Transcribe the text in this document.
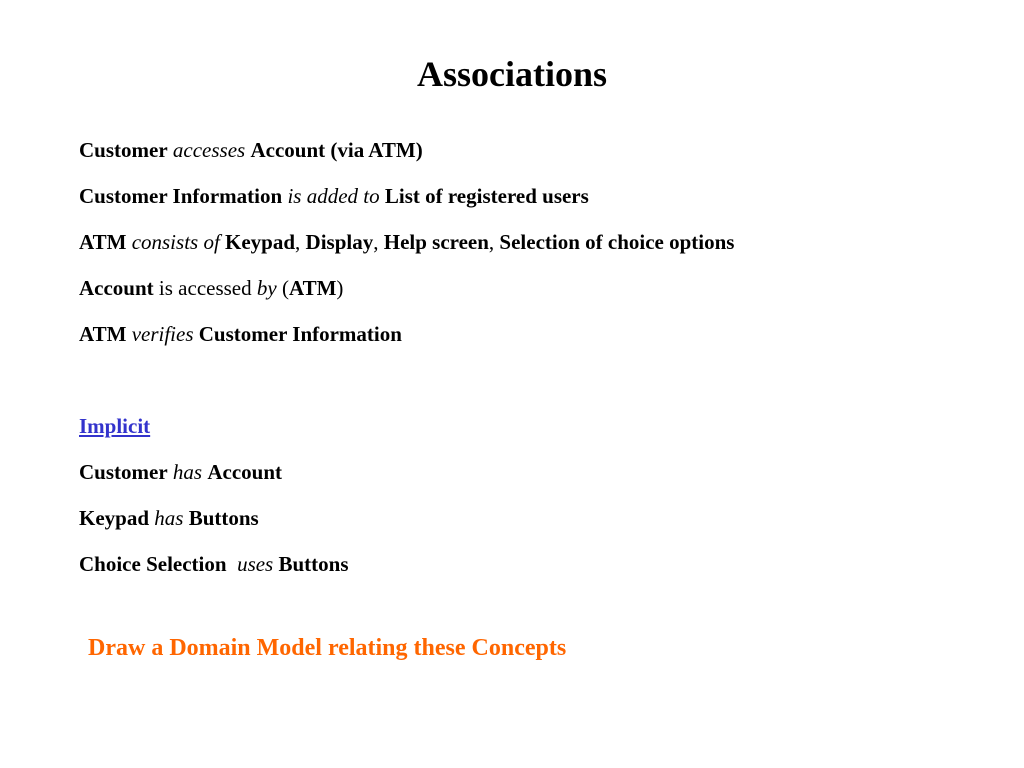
Associations
Customer accesses Account (via ATM)
Customer Information is added to List of registered users
ATM consists of Keypad, Display, Help screen, Selection of choice options
Account is accessed by (ATM)
ATM verifies Customer Information
Implicit
Customer has Account
Keypad has Buttons
Choice Selection uses Buttons
Draw a Domain Model relating these Concepts
